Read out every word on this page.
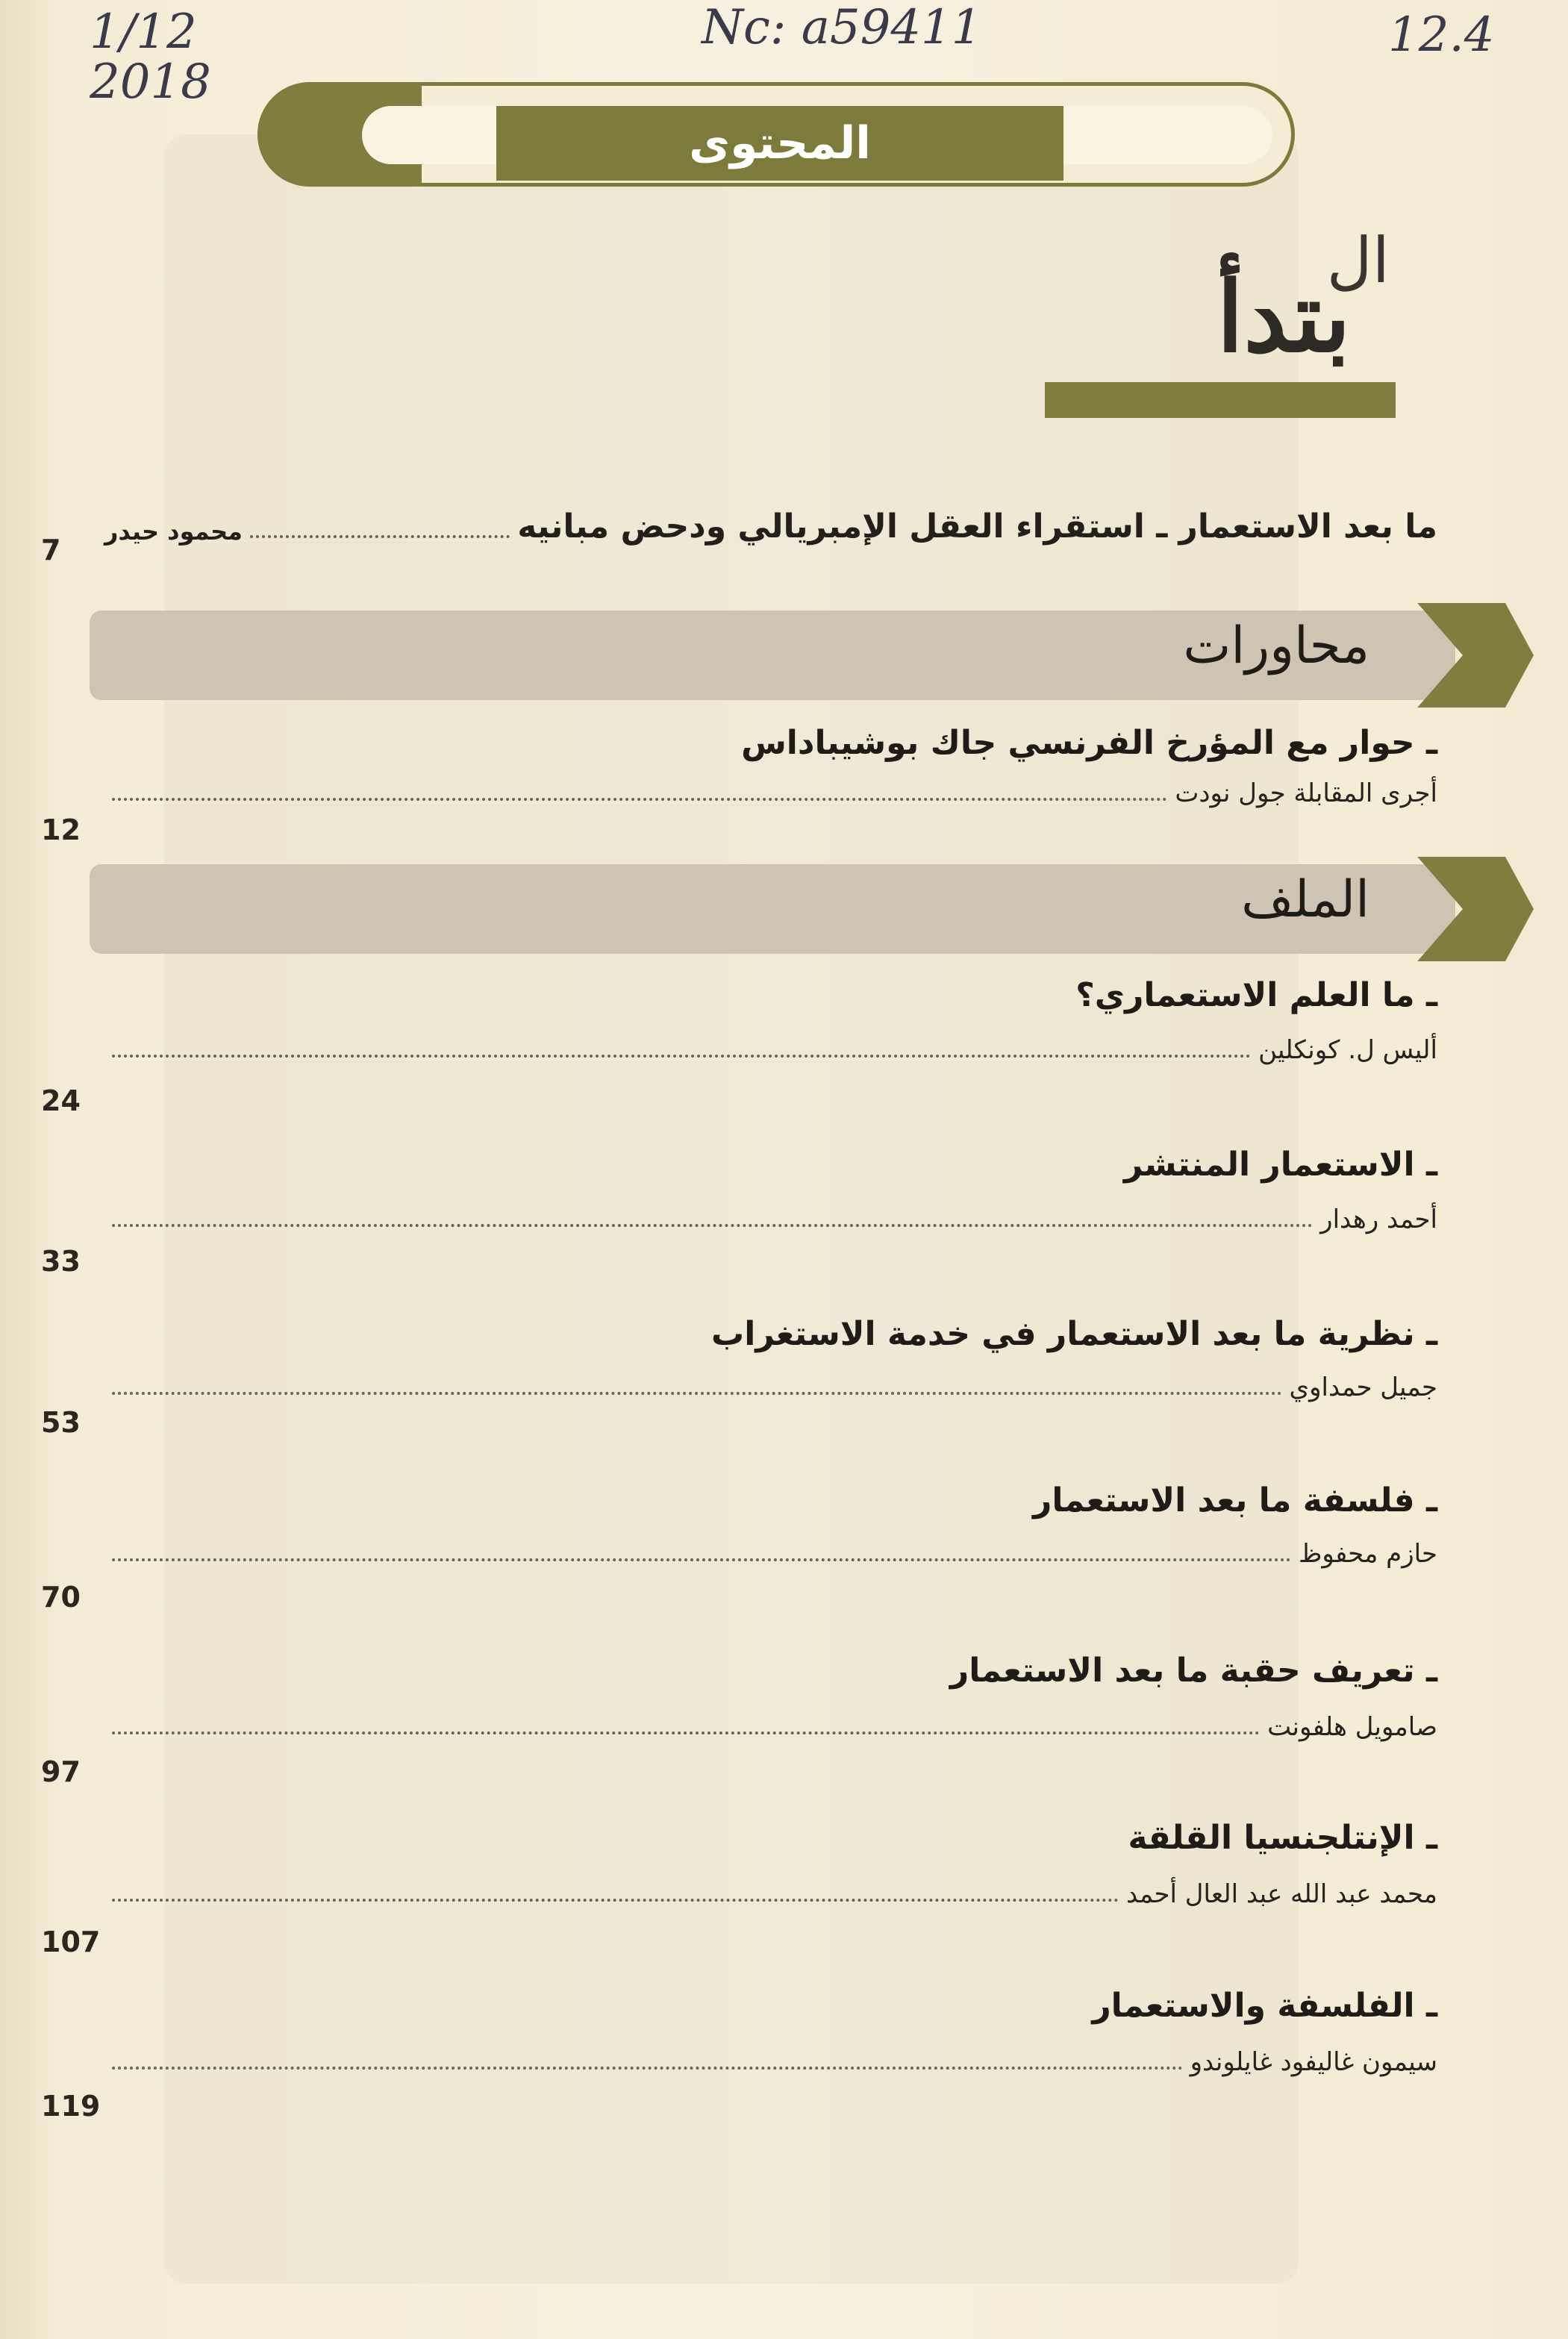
1/12
2018
Nc: a59411	12.4
المحتوى
ال
بتدأ
ما بعد الاستعمار ـ استقراء العقل الإمبريالي ودحض مبانيه
محمود حيدر
7
محاورات
ـ حوار مع المؤرخ الفرنسي جاك بوشيباداس
أجرى المقابلة جول نودت
12
الملف
ـ ما العلم الاستعماري؟
أليس ل. كونكلين
24
ـ الاستعمار المنتشر
أحمد رهدار
33
ـ نظرية ما بعد الاستعمار في خدمة الاستغراب
جميل حمداوي
53
ـ فلسفة ما بعد الاستعمار
حازم محفوظ
70
ـ تعريف حقبة ما بعد الاستعمار
صامويل هلفونت
97
ـ الإنتلجنسيا القلقة
محمد عبد الله عبد العال أحمد
107
ـ الفلسفة والاستعمار
سيمون غاليفود غايلوندو
119
